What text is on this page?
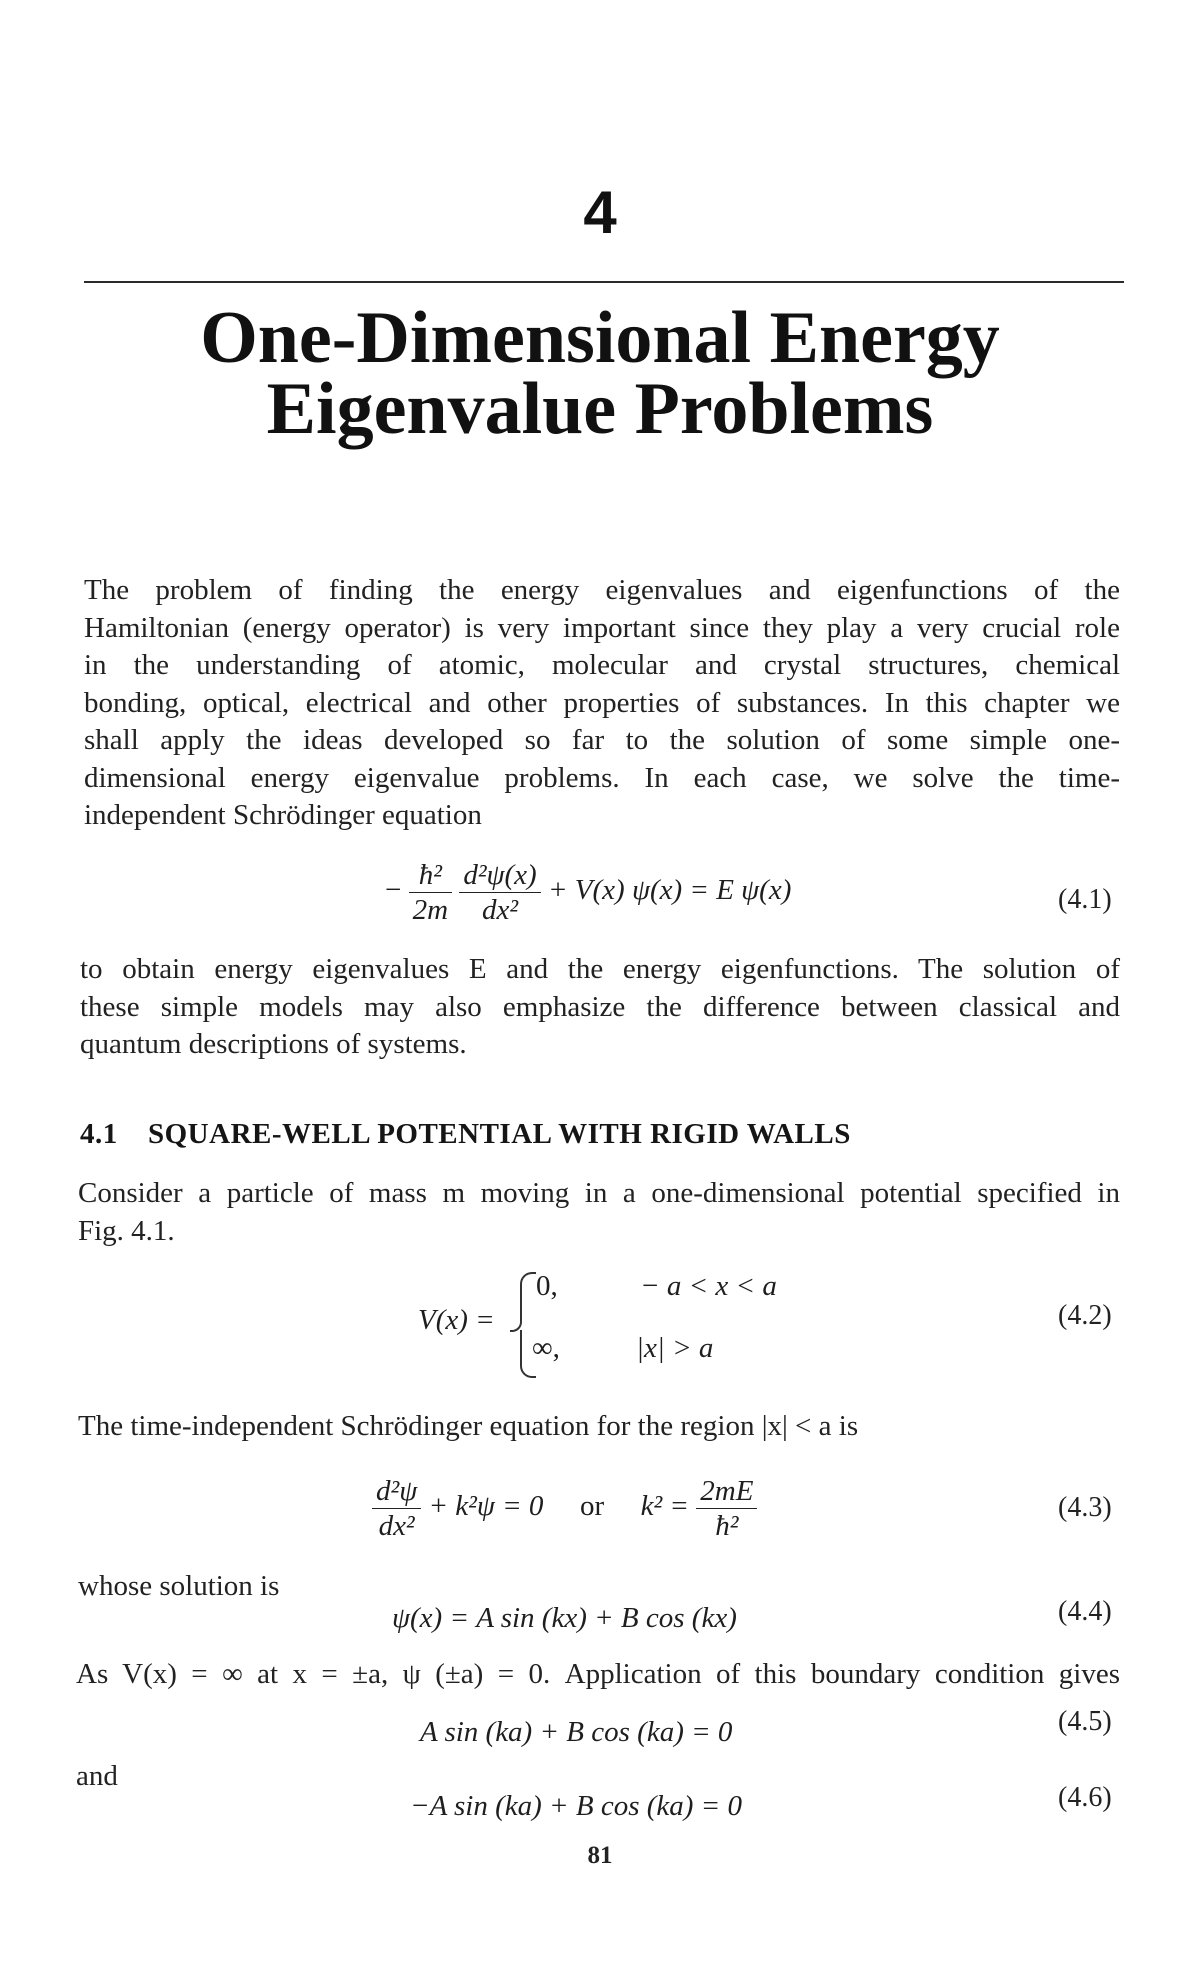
4
One-Dimensional Energy
Eigenvalue Problems
The problem of finding the energy eigenvalues and eigenfunctions of the
Hamiltonian (energy operator) is very important since they play a very crucial role
in the understanding of atomic, molecular and crystal structures, chemical
bonding, optical, electrical and other properties of substances. In this chapter we
shall apply the ideas developed so far to the solution of some simple one-
dimensional energy eigenvalue problems. In each case, we solve the time-
independent Schrödinger equation
− $\frac{\text{ħ²}}{2m}$
$\frac{\text{d²ψ(x)}}{\text{dx²}} + V(x) \psi(x) = E$ ψ(x)	(4.1)
to obtain energy eigenvalues E and the energy eigenfunctions. The solution of
these simple models may also emphasize the difference between classical and
quantum descriptions of systems.
4.1 SQUARE-WELL POTENTIAL WITH RIGID WALLS
Consider a particle of mass m moving in a one-dimensional potential specified in
Fig. 4.1.
V(x) =
0,	− a < x < a
∞,	|x| > a
(4.2)
The time-independent Schrödinger equation for the region |x| < a is
$\frac{\text{d²ψ}}{\text{dx²}} + k^2\psi = 0$ or $k^2 = \frac{2mE}{\text{ħ²}}$	(4.3)
whose solution is
ψ(x) = A sin (kx) + B cos (kx)	(4.4)
As V(x) = ∞ at x = ±a, ψ (±a) = 0. Application of this boundary condition gives
A sin (ka) + B cos (ka) = 0	(4.5)
and
−A sin (ka) + B cos (ka) = 0	(4.6)
81
